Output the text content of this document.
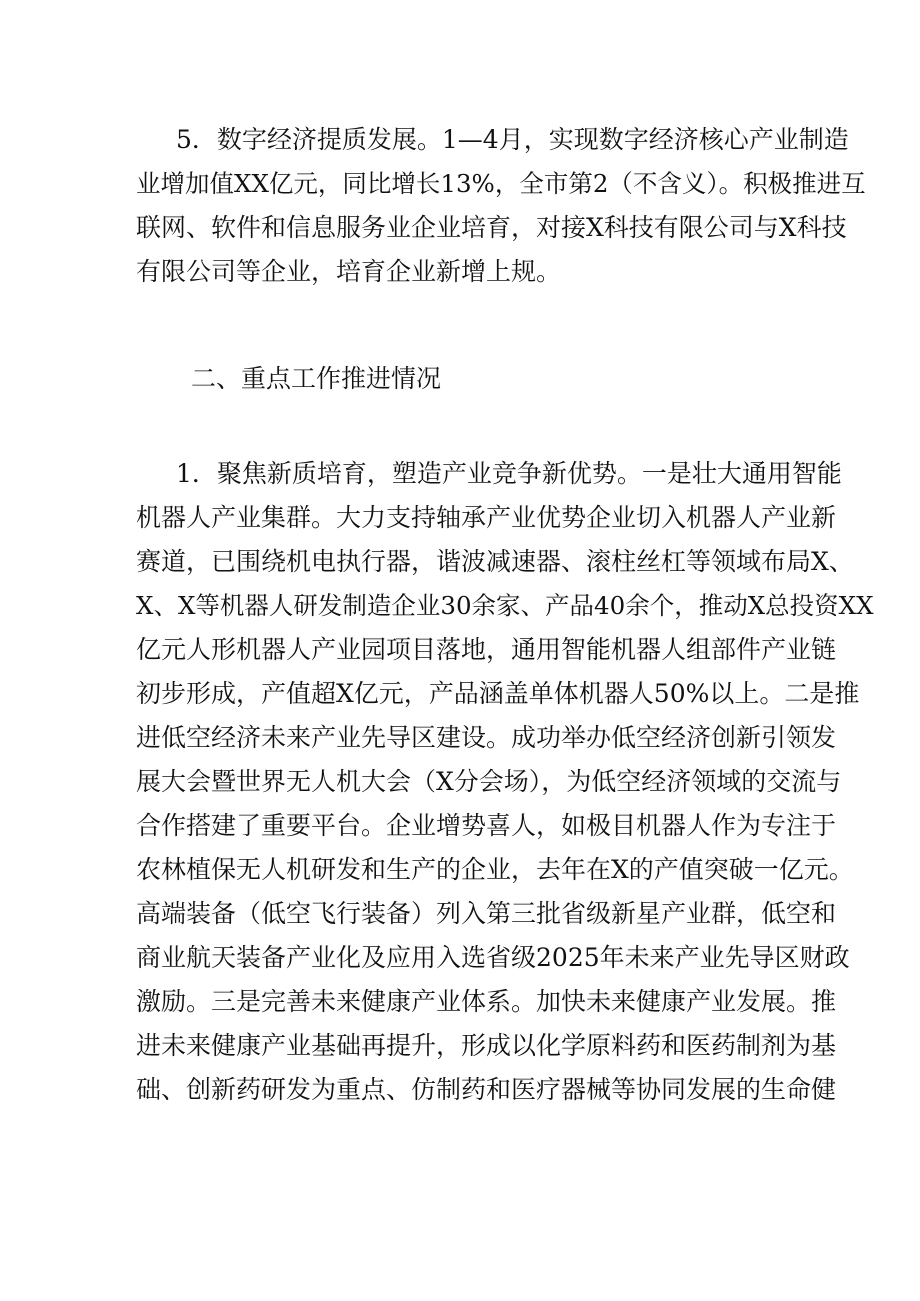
5．数字经济提质发展。1—4月，实现数字经济核心产业制造
业增加值XX亿元，同比增长13%，全市第2（不含义）。积极推进互
联网、软件和信息服务业企业培育，对接X科技有限公司与X科技
有限公司等企业，培育企业新增上规。
二、重点工作推进情况
1．聚焦新质培育，塑造产业竞争新优势。一是壮大通用智能
机器人产业集群。大力支持轴承产业优势企业切入机器人产业新
赛道，已围绕机电执行器，谐波减速器、滚柱丝杠等领域布局X、
X、X等机器人研发制造企业30余家、产品40余个，推动X总投资XX
亿元人形机器人产业园项目落地，通用智能机器人组部件产业链
初步形成，产值超X亿元，产品涵盖单体机器人50%以上。二是推
进低空经济未来产业先导区建设。成功举办低空经济创新引领发
展大会暨世界无人机大会（X分会场），为低空经济领域的交流与
合作搭建了重要平台。企业增势喜人，如极目机器人作为专注于
农林植保无人机研发和生产的企业，去年在X的产值突破一亿元。
高端装备（低空飞行装备）列入第三批省级新星产业群，低空和
商业航天装备产业化及应用入选省级2025年未来产业先导区财政
激励。三是完善未来健康产业体系。加快未来健康产业发展。推
进未来健康产业基础再提升，形成以化学原料药和医药制剂为基
础、创新药研发为重点、仿制药和医疗器械等协同发展的生命健
